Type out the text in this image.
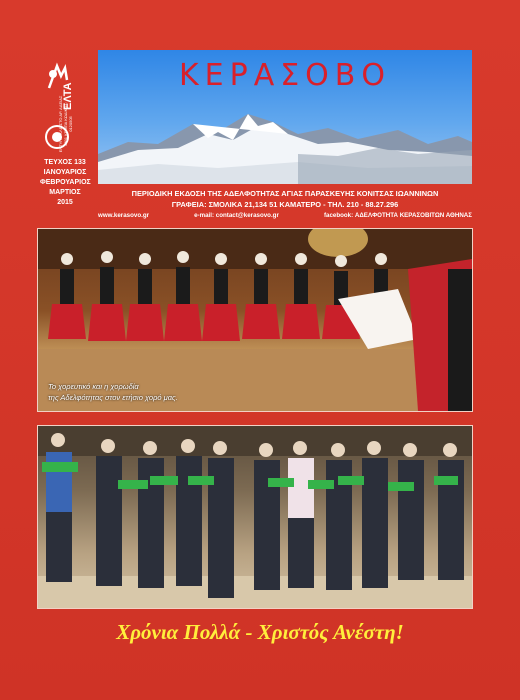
ΕΛΤΑ
ΕΝΤΥΠΟ ΚΛΕΙΣΤΟ ΑΡ. ΑΔΕΙΑΣ 3691 ΚΕΜΠΑ ΚΩΔΙΚΟΣ: 0120505
ΤΕΥΧΟΣ 133
ΙΑΝΟΥΑΡΙΟΣ
ΦΕΒΡΟΥΑΡΙΟΣ
ΜΑΡΤΙΟΣ
2015
ΚΕΡΑΣΟΒΟ
ΠΕΡΙΟΔΙΚΗ ΕΚΔΟΣΗ ΤΗΣ ΑΔΕΛΦΟΤΗΤΑΣ ΑΓΙΑΣ ΠΑΡΑΣΚΕΥΗΣ ΚΟΝΙΤΣΑΣ ΙΩΑΝΝΙΝΩΝ
ΓΡΑΦΕΙΑ: ΣΜΟΛΙΚΑ 21,134 51 ΚΑΜΑΤΕΡΟ - ΤΗΛ. 210 - 88.27.296
www.kerasovo.gr	e-mail: contact@kerasovo.gr	facebook: ΑΔΕΛΦΟΤΗΤΑ ΚΕΡΑΣΟΒΙΤΩΝ ΑΘΗΝΑΣ
Το χορευτικό και η χορωδία
της Αδελφότητας στον ετήσιο χορό μας.
Χρόνια Πολλά - Χριστός Ανέστη!
